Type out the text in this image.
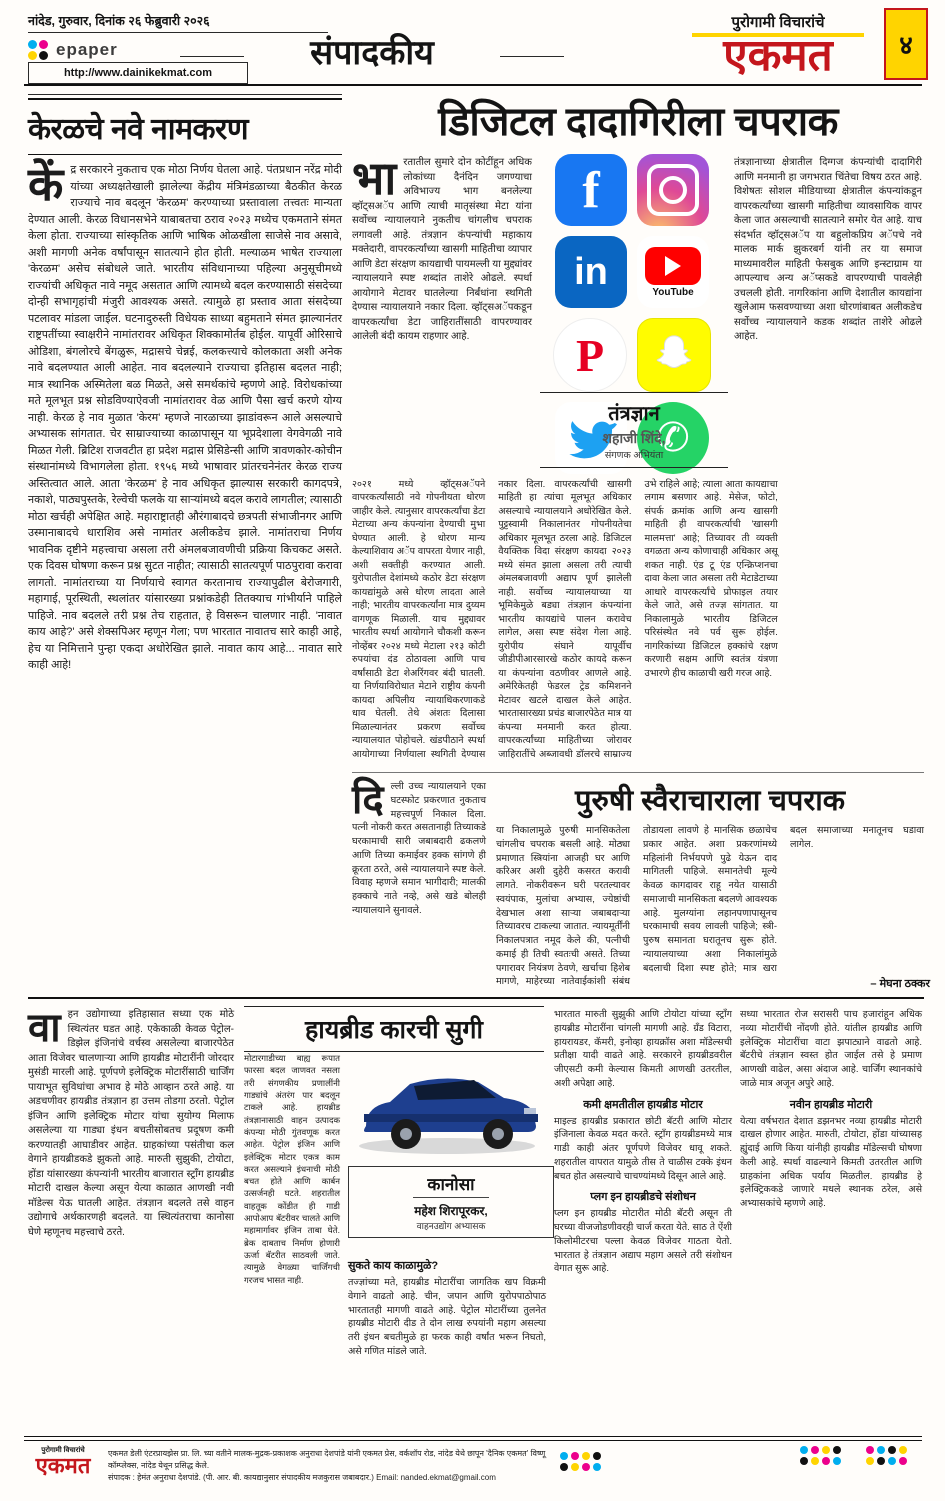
नांदेड, गुरुवार, दिनांक २६ फेब्रुवारी २०२६
epaper
http://www.dainikekmat.com
संपादकीय
पुरोगामी विचारांचे
एकमत	४
केरळचे नवे नामकरण
केंद्र सरकारने नुकताच एक मोठा निर्णय घेतला आहे. पंतप्रधान नरेंद्र मोदी यांच्या अध्यक्षतेखाली झालेल्या केंद्रीय मंत्रिमंडळाच्या बैठकीत केरळ राज्याचे नाव बदलून 'केरळम' करण्याच्या प्रस्तावाला तत्त्वतः मान्यता देण्यात आली. केरळ विधानसभेने याबाबतचा ठराव २०२३ मध्येच एकमताने संमत केला होता. राज्याच्या सांस्कृतिक आणि भाषिक ओळखीला साजेसे नाव असावे, अशी मागणी अनेक वर्षांपासून सातत्याने होत होती. मल्याळम भाषेत राज्याला 'केरळम' असेच संबोधले जाते. भारतीय संविधानाच्या पहिल्या अनुसूचीमध्ये राज्यांची अधिकृत नावे नमूद असतात आणि त्यामध्ये बदल करण्यासाठी संसदेच्या दोन्ही सभागृहांची मंजुरी आवश्यक असते. त्यामुळे हा प्रस्ताव आता संसदेच्या पटलावर मांडला जाईल. घटनादुरुस्ती विधेयक साध्या बहुमताने संमत झाल्यानंतर राष्ट्रपतींच्या स्वाक्षरीने नामांतरावर अधिकृत शिक्कामोर्तब होईल. यापूर्वी ओरिसाचे ओडिशा, बंगलोरचे बेंगळुरू, मद्रासचे चेन्नई, कलकत्त्याचे कोलकाता अशी अनेक नावे बदलण्यात आली आहेत. नाव बदलल्याने राज्याचा इतिहास बदलत नाही; मात्र स्थानिक अस्मितेला बळ मिळते, असे समर्थकांचे म्हणणे आहे. विरोधकांच्या मते मूलभूत प्रश्न सोडविण्याऐवजी नामांतरावर वेळ आणि पैसा खर्च करणे योग्य नाही. केरळ हे नाव मुळात 'केरम' म्हणजे नारळाच्या झाडांवरून आले असल्याचे अभ्यासक सांगतात. चेर साम्राज्याच्या काळापासून या भूप्रदेशाला वेगवेगळी नावे मिळत गेली. ब्रिटिश राजवटीत हा प्रदेश मद्रास प्रेसिडेन्सी आणि त्रावणकोर-कोचीन संस्थानांमध्ये विभागलेला होता. १९५६ मध्ये भाषावार प्रांतरचनेनंतर केरळ राज्य अस्तित्वात आले. आता 'केरळम' हे नाव अधिकृत झाल्यास सरकारी कागदपत्रे, नकाशे, पाठ्यपुस्तके, रेल्वेची फलके या साऱ्यांमध्ये बदल करावे लागतील; त्यासाठी मोठा खर्चही अपेक्षित आहे. महाराष्ट्रातही औरंगाबादचे छत्रपती संभाजीनगर आणि उस्मानाबादचे धाराशिव असे नामांतर अलीकडेच झाले. नामांतराचा निर्णय भावनिक दृष्टीने महत्त्वाचा असला तरी अंमलबजावणीची प्रक्रिया किचकट असते. एक दिवस घोषणा करून प्रश्न सुटत नाहीत; त्यासाठी सातत्यपूर्ण पाठपुरावा करावा लागतो. नामांतराच्या या निर्णयाचे स्वागत करतानाच राज्यापुढील बेरोजगारी, महागाई, पूरस्थिती, स्थलांतर यांसारख्या प्रश्नांकडेही तितक्याच गांभीर्याने पाहिले पाहिजे. नाव बदलले तरी प्रश्न तेच राहतात, हे विसरून चालणार नाही. 'नावात काय आहे?' असे शेक्सपिअर म्हणून गेला; पण भारतात नावातच सारे काही आहे, हेच या निमित्ताने पुन्हा एकदा अधोरेखित झाले. नावात काय आहे... नावात सारे काही आहे!
डिजिटल दादागिरीला चपराक
भारतातील सुमारे दोन कोटींहून अधिक लोकांच्या दैनंदिन जगण्याचा अविभाज्य भाग बनलेल्या व्हॉट्सअॅप आणि त्याची मातृसंस्था मेटा यांना सर्वोच्च न्यायालयाने नुकतीच चांगलीच चपराक लगावली आहे. तंत्रज्ञान कंपन्यांची महाकाय मक्तेदारी, वापरकर्त्यांच्या खासगी माहितीचा व्यापार आणि डेटा संरक्षण कायद्याची पायमल्ली या मुद्द्यांवर न्यायालयाने स्पष्ट शब्दांत ताशेरे ओढले. स्पर्धा आयोगाने मेटावर घातलेल्या निर्बंधांना स्थगिती देण्यास न्यायालयाने नकार दिला. व्हॉट्सअॅपकडून वापरकर्त्यांचा डेटा जाहिरातींसाठी वापरण्यावर आलेली बंदी कायम राहणार आहे.
f
in	YouTube
P
✆
तंत्रज्ञानाच्या क्षेत्रातील दिग्गज कंपन्यांची दादागिरी आणि मनमानी हा जगभरात चिंतेचा विषय ठरत आहे. विशेषतः सोशल मीडियाच्या क्षेत्रातील कंपन्यांकडून वापरकर्त्यांच्या खासगी माहितीचा व्यावसायिक वापर केला जात असल्याची सातत्याने समोर येत आहे. याच संदर्भात व्हॉट्सअॅप या बहुलोकप्रिय अॅपचे नवे मालक मार्क झुकरबर्ग यांनी तर या समाज माध्यमावरील माहिती फेसबुक आणि इन्स्टाग्राम या आपल्याच अन्य अॅप्सकडे वापरण्याची पावलेही उचलली होती. नागरिकांना आणि देशातील कायद्यांना खुलेआम फसवण्याच्या अशा धोरणांबाबत अलीकडेच सर्वोच्च न्यायालयाने कडक शब्दांत ताशेरे ओढले आहेत.
तंत्रज्ञान
शहाजी शिंदे,
संगणक अभियंता
२०२१ मध्ये व्हॉट्सअॅपने वापरकर्त्यांसाठी नवे गोपनीयता धोरण जाहीर केले. त्यानुसार वापरकर्त्यांचा डेटा मेटाच्या अन्य कंपन्यांना देण्याची मुभा घेण्यात आली. हे धोरण मान्य केल्याशिवाय अॅप वापरता येणार नाही, अशी सक्तीही करण्यात आली. युरोपातील देशांमध्ये कठोर डेटा संरक्षण कायद्यांमुळे असे धोरण लादता आले नाही; भारतीय वापरकर्त्यांना मात्र दुय्यम वागणूक मिळाली. याच मुद्द्यावर भारतीय स्पर्धा आयोगाने चौकशी करून नोव्हेंबर २०२४ मध्ये मेटाला २१३ कोटी रुपयांचा दंड ठोठावला आणि पाच वर्षांसाठी डेटा शेअरिंगवर बंदी घातली. या निर्णयाविरोधात मेटाने राष्ट्रीय कंपनी कायदा अपिलीय न्यायाधिकरणाकडे धाव घेतली. तेथे अंशतः दिलासा मिळाल्यानंतर प्रकरण सर्वोच्च न्यायालयात पोहोचले. खंडपीठाने स्पर्धा आयोगाच्या निर्णयाला स्थगिती देण्यास नकार दिला. वापरकर्त्यांची खासगी माहिती हा त्यांचा मूलभूत अधिकार असल्याचे न्यायालयाने अधोरेखित केले. पुट्टस्वामी निकालानंतर गोपनीयतेचा अधिकार मूलभूत ठरला आहे. डिजिटल वैयक्तिक विदा संरक्षण कायदा २०२३ मध्ये संमत झाला असला तरी त्याची अंमलबजावणी अद्याप पूर्ण झालेली नाही. सर्वोच्च न्यायालयाच्या या भूमिकेमुळे बड्या तंत्रज्ञान कंपन्यांना भारतीय कायद्यांचे पालन करावेच लागेल, असा स्पष्ट संदेश गेला आहे. युरोपीय संघाने यापूर्वीच जीडीपीआरसारखे कठोर कायदे करून या कंपन्यांना वठणीवर आणले आहे. अमेरिकेतही फेडरल ट्रेड कमिशनने मेटावर खटले दाखल केले आहेत. भारतासारख्या प्रचंड बाजारपेठेत मात्र या कंपन्या मनमानी करत होत्या. वापरकर्त्यांच्या माहितीच्या जोरावर जाहिरातींचे अब्जावधी डॉलरचे साम्राज्य उभे राहिले आहे; त्याला आता कायद्याचा लगाम बसणार आहे. मेसेज, फोटो, संपर्क क्रमांक आणि अन्य खासगी माहिती ही वापरकर्त्याची 'खासगी मालमत्ता' आहे; तिच्यावर ती व्यक्ती वगळता अन्य कोणाचाही अधिकार असू शकत नाही. एंड टू एंड एन्क्रिप्शनचा दावा केला जात असला तरी मेटाडेटाच्या आधारे वापरकर्त्यांचे प्रोफाइल तयार केले जाते, असे तज्ज्ञ सांगतात. या निकालामुळे भारतीय डिजिटल परिसंस्थेत नवे पर्व सुरू होईल. नागरिकांच्या डिजिटल हक्कांचे रक्षण करणारी सक्षम आणि स्वतंत्र यंत्रणा उभारणे हीच काळाची खरी गरज आहे.
दिल्ली उच्च न्यायालयाने एका घटस्फोट प्रकरणात नुकताच महत्त्वपूर्ण निकाल दिला. पत्नी नोकरी करत असतानाही तिच्याकडे घरकामाची सारी जबाबदारी ढकलणे आणि तिच्या कमाईवर हक्क सांगणे ही क्रूरता ठरते, असे न्यायालयाने स्पष्ट केले. विवाह म्हणजे समान भागीदारी; मालकी हक्काचे नाते नव्हे, असे खडे बोलही न्यायालयाने सुनावले.
पुरुषी स्वैराचाराला चपराक
या निकालामुळे पुरुषी मानसिकतेला चांगलीच चपराक बसली आहे. मोठ्या प्रमाणात स्त्रियांना आजही घर आणि करिअर अशी दुहेरी कसरत करावी लागते. नोकरीवरून घरी परतल्यावर स्वयंपाक, मुलांचा अभ्यास, ज्येष्ठांची देखभाल अशा साऱ्या जबाबदाऱ्या तिच्यावरच टाकल्या जातात. न्यायमूर्तींनी निकालपत्रात नमूद केले की, पत्नीची कमाई ही तिची स्वतःची असते. तिच्या पगारावर नियंत्रण ठेवणे, खर्चाचा हिशेब मागणे, माहेरच्या नातेवाईकांशी संबंध तोडायला लावणे हे मानसिक छळाचेच प्रकार आहेत. अशा प्रकरणांमध्ये महिलांनी निर्भयपणे पुढे येऊन दाद मागितली पाहिजे. समानतेची मूल्ये केवळ कागदावर राहू नयेत यासाठी समाजाची मानसिकता बदलणे आवश्यक आहे. मुलग्यांना लहानपणापासूनच घरकामाची सवय लावली पाहिजे; स्त्री-पुरुष समानता घरातूनच सुरू होते. न्यायालयाच्या अशा निकालांमुळे बदलाची दिशा स्पष्ट होते; मात्र खरा बदल समाजाच्या मनातूनच घडावा लागेल.
– मेघना ठक्कर
वाहन उद्योगाच्या इतिहासात सध्या एक मोठे स्थित्यंतर घडत आहे. एकेकाळी केवळ पेट्रोल-डिझेल इंजिनांचे वर्चस्व असलेल्या बाजारपेठेत आता विजेवर चालणाऱ्या आणि हायब्रीड मोटारींनी जोरदार मुसंडी मारली आहे. पूर्णपणे इलेक्ट्रिक मोटारींसाठी चार्जिंग पायाभूत सुविधांचा अभाव हे मोठे आव्हान ठरते आहे. या अडचणीवर हायब्रीड तंत्रज्ञान हा उत्तम तोडगा ठरतो. पेट्रोल इंजिन आणि इलेक्ट्रिक मोटार यांचा सुयोग्य मिलाफ असलेल्या या गाड्या इंधन बचतीसोबतच प्रदूषण कमी करण्यातही आघाडीवर आहेत. ग्राहकांच्या पसंतीचा कल वेगाने हायब्रीडकडे झुकतो आहे. मारुती सुझुकी, टोयोटा, होंडा यांसारख्या कंपन्यांनी भारतीय बाजारात स्ट्राँग हायब्रीड मोटारी दाखल केल्या असून येत्या काळात आणखी नवी मॉडेल्स येऊ घातली आहेत. तंत्रज्ञान बदलते तसे वाहन उद्योगाचे अर्थकारणही बदलते. या स्थित्यंतराचा कानोसा घेणे म्हणूनच महत्त्वाचे ठरते.
हायब्रीड कारची सुगी
मोटारगाडीच्या बाह्य रूपात फारसा बदल जाणवत नसला तरी संगणकीय प्रणालींनी गाड्यांचे अंतरंग पार बदलून टाकले आहे. हायब्रीड तंत्रज्ञानासाठी वाहन उत्पादक कंपन्या मोठी गुंतवणूक करत आहेत. पेट्रोल इंजिन आणि इलेक्ट्रिक मोटार एकत्र काम करत असल्याने इंधनाची मोठी बचत होते आणि कार्बन उत्सर्जनही घटते. शहरातील वाहतूक कोंडीत ही गाडी आपोआप बॅटरीवर चालते आणि महामार्गावर इंजिन ताबा घेते. ब्रेक दाबताच निर्माण होणारी ऊर्जा बॅटरीत साठवली जाते. त्यामुळे वेगळ्या चार्जिंगची गरजच भासत नाही.
कानोसा
महेश शिरापूरकर,
वाहनउद्योग अभ्यासक
सुकते काय काळामुळे?
तज्ज्ञांच्या मते, हायब्रीड मोटारींचा जागतिक खप विक्रमी वेगाने वाढतो आहे. चीन, जपान आणि युरोपपाठोपाठ भारतातही मागणी वाढते आहे. पेट्रोल मोटारींच्या तुलनेत हायब्रीड मोटारी दीड ते दोन लाख रुपयांनी महाग असल्या तरी इंधन बचतीमुळे हा फरक काही वर्षांत भरून निघतो, असे गणित मांडले जाते.
भारतात मारुती सुझुकी आणि टोयोटा यांच्या स्ट्राँग हायब्रीड मोटारींना चांगली मागणी आहे. ग्रँड विटारा, हायरायडर, कॅमरी, इनोव्हा हायक्रॉस अशा मॉडेल्सची प्रतीक्षा यादी वाढते आहे. सरकारने हायब्रीडवरील जीएसटी कमी केल्यास किमती आणखी उतरतील, अशी अपेक्षा आहे.
कमी क्षमतीतील हायब्रीड मोटार
माइल्ड हायब्रीड प्रकारात छोटी बॅटरी आणि मोटार इंजिनाला केवळ मदत करते. स्ट्राँग हायब्रीडमध्ये मात्र गाडी काही अंतर पूर्णपणे विजेवर धावू शकते. शहरातील वापरात यामुळे तीस ते चाळीस टक्के इंधन बचत होत असल्याचे चाचण्यांमध्ये दिसून आले आहे.
प्लग इन हायब्रीडचे संशोधन
प्लग इन हायब्रीड मोटारीत मोठी बॅटरी असून ती घरच्या वीजजोडणीवरही चार्ज करता येते. साठ ते ऐंशी किलोमीटरचा पल्ला केवळ विजेवर गाठता येतो. भारतात हे तंत्रज्ञान अद्याप महाग असले तरी संशोधन वेगात सुरू आहे.
सध्या भारतात रोज सरासरी पाच हजारांहून अधिक नव्या मोटारींची नोंदणी होते. यांतील हायब्रीड आणि इलेक्ट्रिक मोटारींचा वाटा झपाट्याने वाढतो आहे. बॅटरीचे तंत्रज्ञान स्वस्त होत जाईल तसे हे प्रमाण आणखी वाढेल, असा अंदाज आहे. चार्जिंग स्थानकांचे जाळे मात्र अजून अपुरे आहे.
नवीन हायब्रीड मोटारी
येत्या वर्षभरात देशात डझनभर नव्या हायब्रीड मोटारी दाखल होणार आहेत. मारुती, टोयोटा, होंडा यांच्यासह ह्युंदाई आणि किया यांनीही हायब्रीड मॉडेल्सची घोषणा केली आहे. स्पर्धा वाढल्याने किमती उतरतील आणि ग्राहकांना अधिक पर्याय मिळतील. हायब्रीड हे इलेक्ट्रिककडे जाणारे मधले स्थानक ठरेल, असे अभ्यासकांचे म्हणणे आहे.
पुरोगामी विचारांचे
एकमत	एकमत डेली एंटरप्रायझेस प्रा. लि. च्या वतीने मालक-मुद्रक-प्रकाशक अनुराधा देशपांडे यांनी एकमत प्रेस, वर्कशॉप रोड, नांदेड येथे छापून 'दैनिक एकमत' विष्णू कॉम्प्लेक्स, नांदेड येथून प्रसिद्ध केले.
संपादक : हेमंत अनुराधा देशपांडे. (पी. आर. बी. कायद्यानुसार संपादकीय मजकुरास जबाबदार.) Email: nanded.ekmat@gmail.com
